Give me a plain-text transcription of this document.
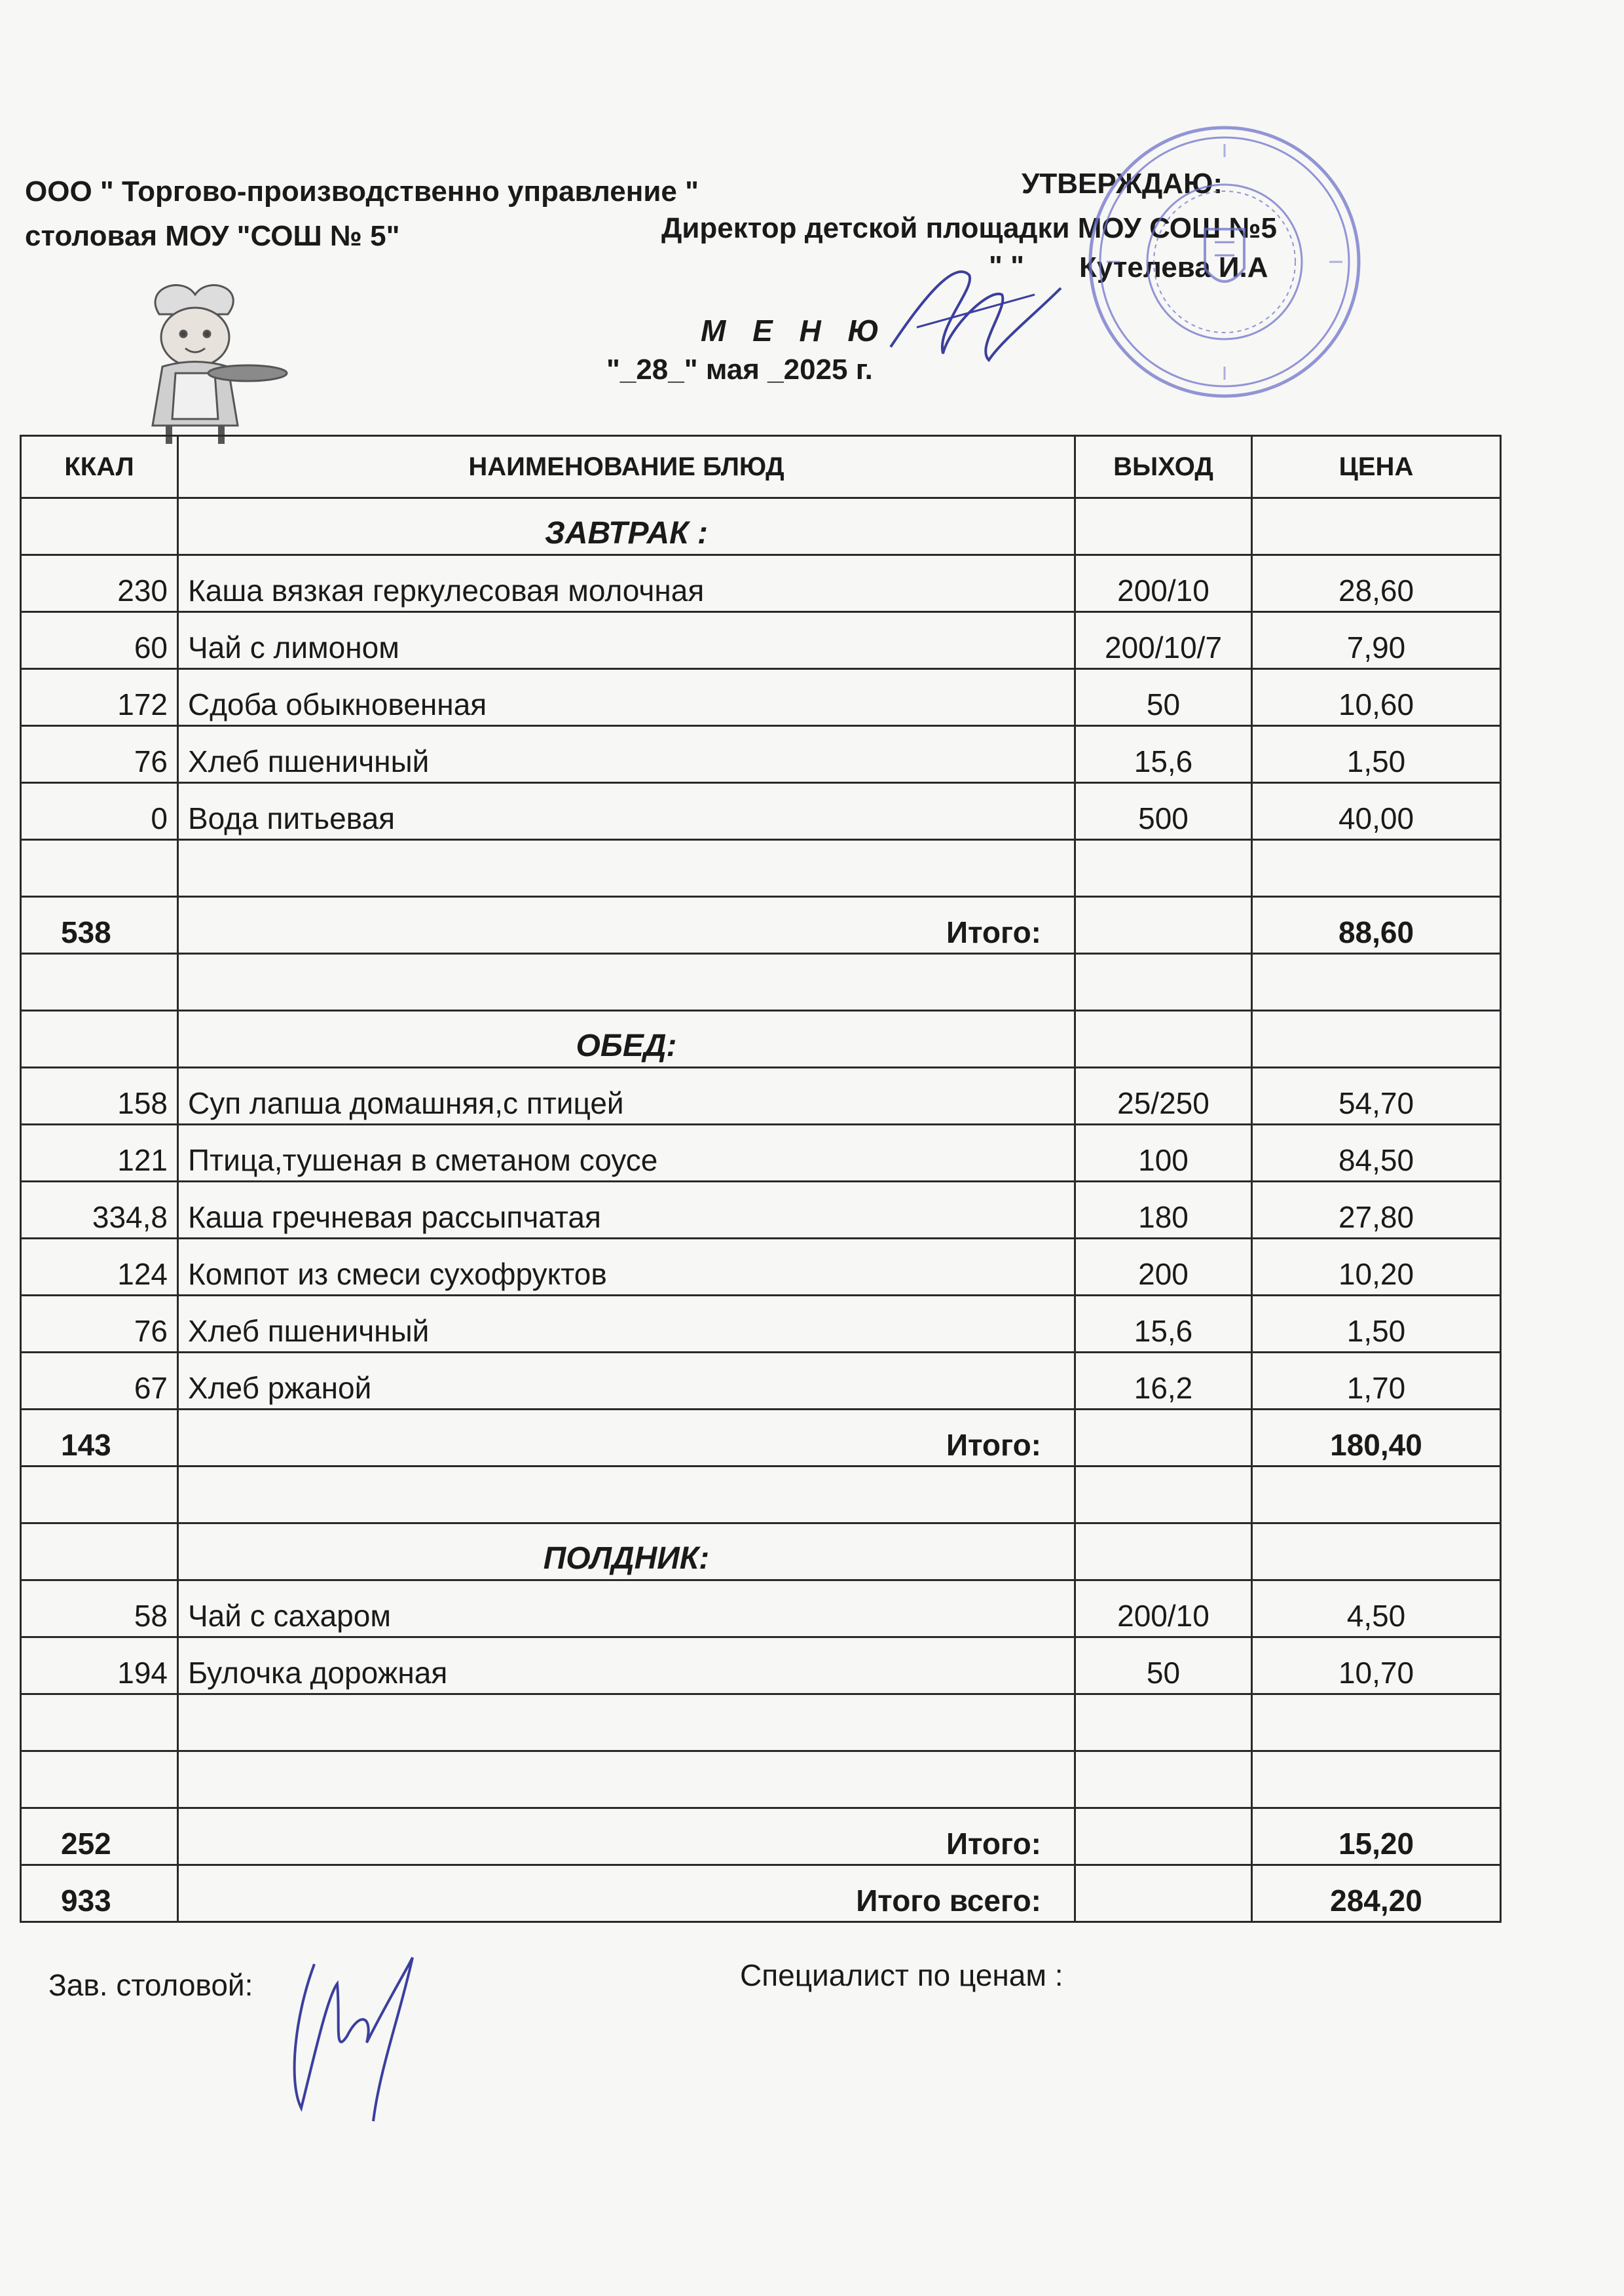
ООО " Торгово-производственно управление "
столовая МОУ "СОШ № 5"
УТВЕРЖДАЮ:
Директор детской площадки МОУ СОШ №5
" " Кутелева И.А
М Е Н Ю
"_28_" мая _2025 г.
ККАЛ	НАИМЕНОВАНИЕ БЛЮД	ВЫХОД	ЦЕНА
	ЗАВТРАК :		
230	Каша вязкая геркулесовая молочная	200/10	28,60
60	Чай с лимоном	200/10/7	7,90
172	Сдоба обыкновенная	50	10,60
76	Хлеб пшеничный	15,6	1,50
0	Вода питьевая	500	40,00

538	Итого:		88,60

	ОБЕД:		
158	Суп лапша домашняя,с птицей	25/250	54,70
121	Птица,тушеная в сметаном соусе	100	84,50
334,8	Каша гречневая рассыпчатая	180	27,80
124	Компот из смеси сухофруктов	200	10,20
76	Хлеб пшеничный	15,6	1,50
67	Хлеб ржаной	16,2	1,70
143	Итого:		180,40

	ПОЛДНИК:		
58	Чай с сахаром	200/10	4,50
194	Булочка дорожная	50	10,70

252	Итого:		15,20
933	Итого всего:		284,20
Зав. столовой:	Специалист по ценам :
